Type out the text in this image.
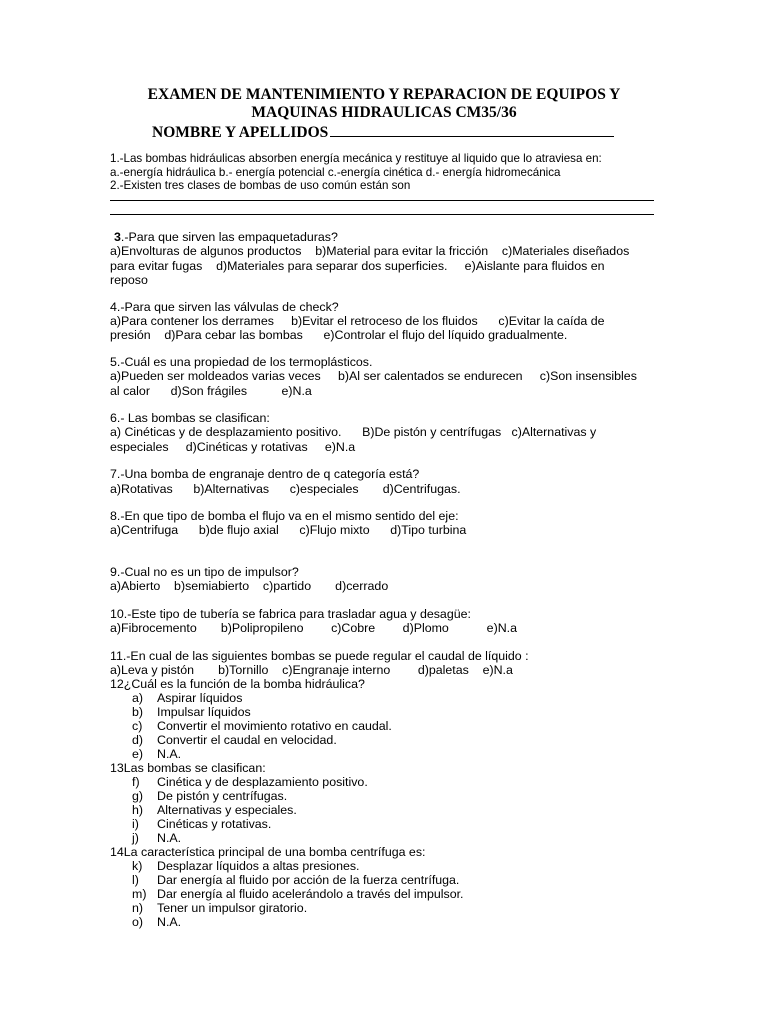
EXAMEN DE MANTENIMIENTO Y REPARACION DE EQUIPOS Y
MAQUINAS HIDRAULICAS CM35/36
NOMBRE Y APELLIDOS
1.-Las bombas hidráulicas absorben energía mecánica y restituye al liquido que lo atraviesa en:
a.-energía hidráulica b.- energía potencial c.-energía cinética d.- energía hidromecánica
2.-Existen tres clases de bombas de uso común están son
3.-Para que sirven las empaquetaduras?
a)Envolturas de algunos productos    b)Material para evitar la fricción    c)Materiales diseñados
para evitar fugas    d)Materiales para separar dos superficies.     e)Aislante para fluidos en
reposo
4.-Para que sirven las válvulas de check?
a)Para contener los derrames     b)Evitar el retroceso de los fluidos      c)Evitar la caída de
presión    d)Para cebar las bombas      e)Controlar el flujo del líquido gradualmente.
5.-Cuál es una propiedad de los termoplásticos.
a)Pueden ser moldeados varias veces     b)Al ser calentados se endurecen     c)Son insensibles
al calor      d)Son frágiles          e)N.a
6.- Las bombas se clasifican:
a) Cinéticas y de desplazamiento positivo.      B)De pistón y centrífugas   c)Alternativas y
especiales     d)Cinéticas y rotativas     e)N.a
7.-Una bomba de engranaje dentro de q categoría está?
a)Rotativas      b)Alternativas      c)especiales       d)Centrifugas.
8.-En que tipo de bomba el flujo va en el mismo sentido del eje:
a)Centrifuga      b)de flujo axial      c)Flujo mixto      d)Tipo turbina
9.-Cual no es un tipo de impulsor?
a)Abierto    b)semiabierto    c)partido       d)cerrado
10.-Este tipo de tubería se fabrica para trasladar agua y desagüe:
a)Fibrocemento       b)Polipropileno        c)Cobre        d)Plomo           e)N.a
11.-En cual de las siguientes bombas se puede regular el caudal de líquido :
a)Leva y pistón       b)Tornillo    c)Engranaje interno        d)paletas    e)N.a
12¿Cuál es la función de la bomba hidráulica?
a)	Aspirar líquidos
b)	Impulsar líquidos
c)	Convertir el movimiento rotativo en caudal.
d)	Convertir el caudal en velocidad.
e)	N.A.
13Las bombas se clasifican:
f)	Cinética y de desplazamiento positivo.
g)	De pistón y centrífugas.
h)	Alternativas y especiales.
i)	Cinéticas y rotativas.
j)	N.A.
14La característica principal de una bomba centrífuga es:
k)	Desplazar líquidos a altas presiones.
l)	Dar energía al fluido por acción de la fuerza centrífuga.
m) Dar energía al fluido acelerándolo a través del impulsor.
n)	Tener un impulsor giratorio.
o)	N.A.
